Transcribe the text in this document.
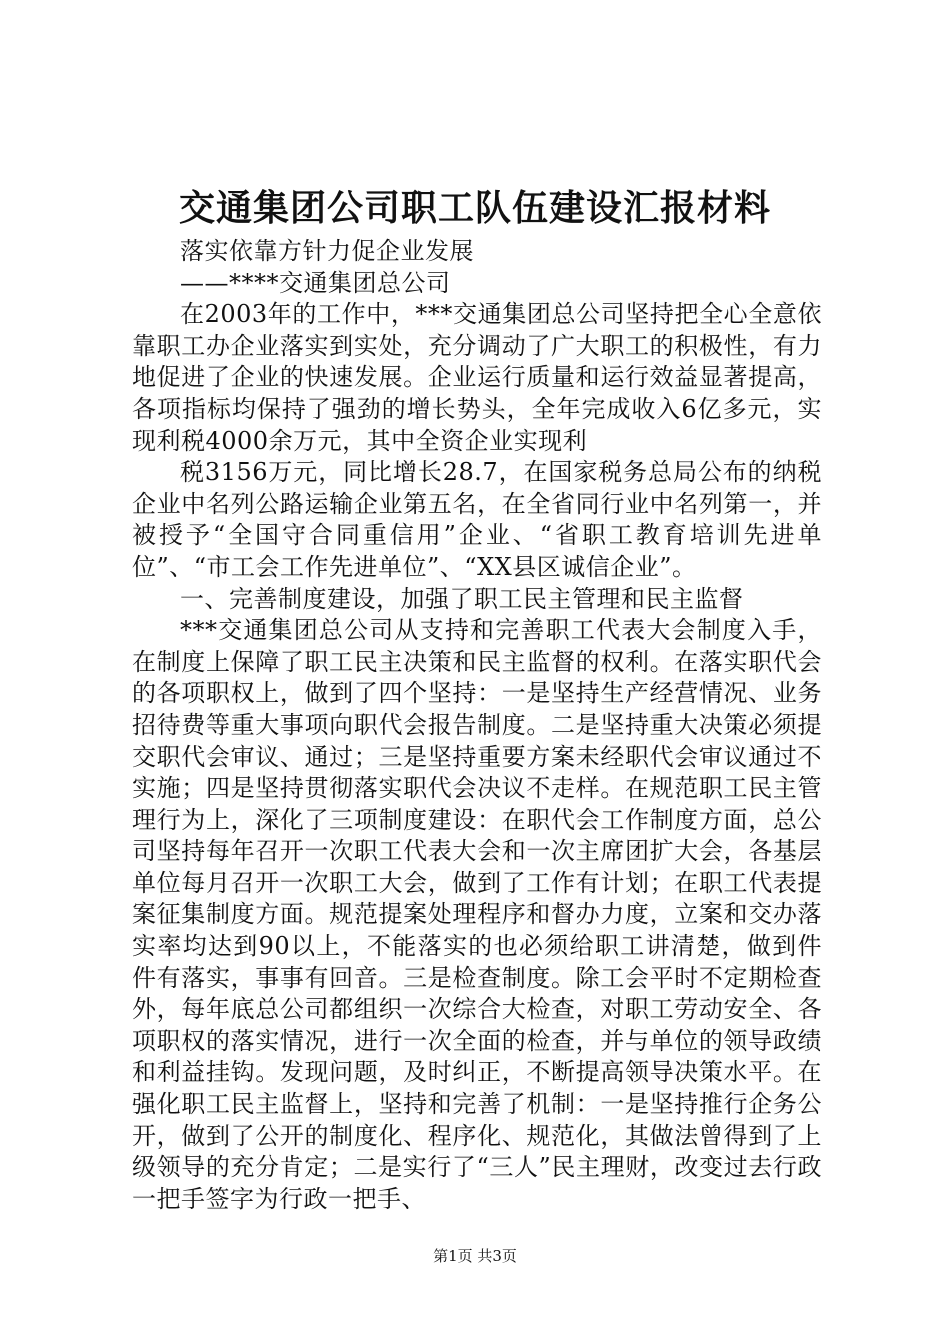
交通集团公司职工队伍建设汇报材料

落实依靠方针力促企业发展

——****交通集团总公司

在2003年的工作中，***交通集团总公司坚持把全心全意依靠职工办企业落实到实处，充分调动了广大职工的积极性，有力地促进了企业的快速发展。企业运行质量和运行效益显著提高，各项指标均保持了强劲的增长势头，全年完成收入6亿多元，实现利税4000余万元，其中全资企业实现利

税3156万元，同比增长28.7，在国家税务总局公布的纳税企业中名列公路运输企业第五名，在全省同行业中名列第一，并被授予“全国守合同重信用”企业、“省职工教育培训先进单位”、“市工会工作先进单位”、“XX县区诚信企业”。

一、完善制度建设，加强了职工民主管理和民主监督

***交通集团总公司从支持和完善职工代表大会制度入手，在制度上保障了职工民主决策和民主监督的权利。在落实职代会的各项职权上，做到了四个坚持：一是坚持生产经营情况、业务招待费等重大事项向职代会报告制度。二是坚持重大决策必须提交职代会审议、通过；三是坚持重要方案未经职代会审议通过不实施；四是坚持贯彻落实职代会决议不走样。在规范职工民主管理行为上，深化了三项制度建设：在职代会工作制度方面，总公司坚持每年召开一次职工代表大会和一次主席团扩大会，各基层单位每月召开一次职工大会，做到了工作有计划；在职工代表提案征集制度方面。规范提案处理程序和督办力度，立案和交办落实率均达到90以上，不能落实的也必须给职工讲清楚，做到件件有落实，事事有回音。三是检查制度。除工会平时不定期检查外，每年底总公司都组织一次综合大检查，对职工劳动安全、各项职权的落实情况，进行一次全面的检查，并与单位的领导政绩和利益挂钩。发现问题，及时纠正，不断提高领导决策水平。在强化职工民主监督上，坚持和完善了机制：一是坚持推行企务公开，做到了公开的制度化、程序化、规范化，其做法曾得到了上级领导的充分肯定；二是实行了“三人”民主理财，改变过去行政一把手签字为行政一把手、

第1页 共3页
